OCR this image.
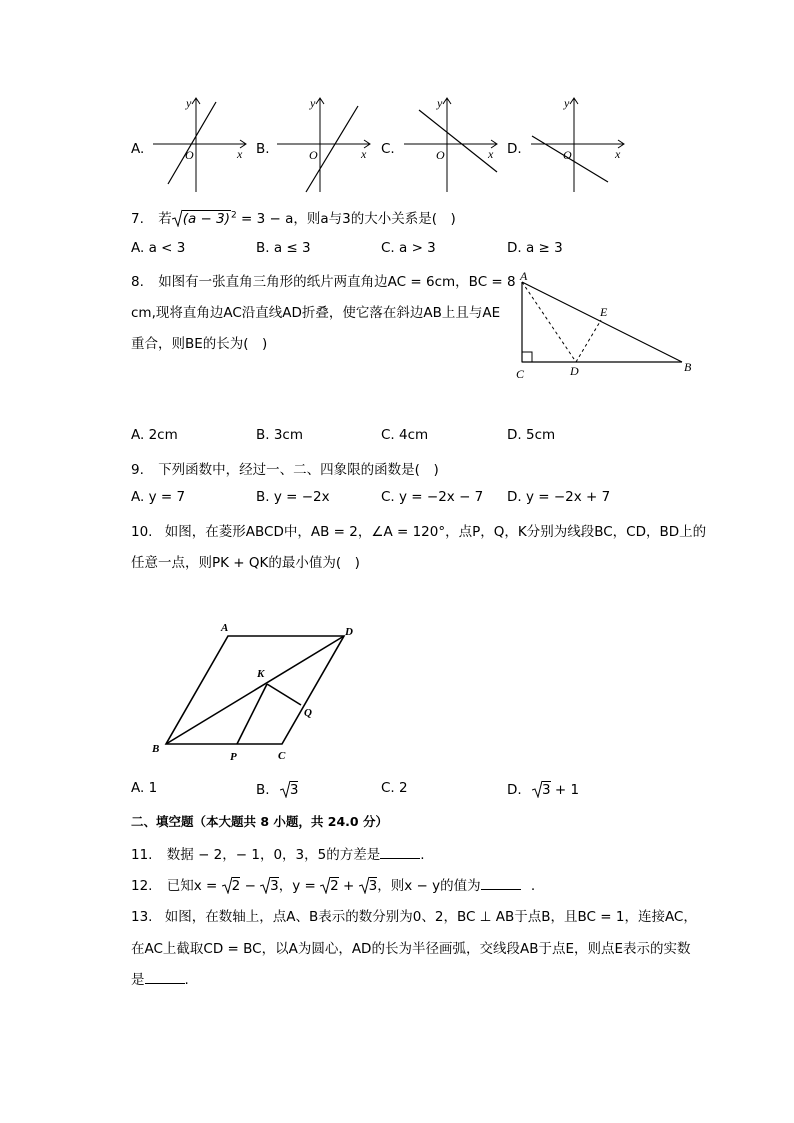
A.
y
x
O	B.
y
x
O	C.
y
x
O	D.
y
x
O
7. 若 $(a - 3)^2 = 3 - a$，则a与3的大小关系是(　)
A. a < 3	B. a ≤ 3	C. a > 3	D. a ≥ 3
8. 如图有一张直角三角形的纸片两直角边AC = 6cm，BC = 8
cm,现将直角边AC沿直线AD折叠，使它落在斜边AB上且与AE
重合，则BE的长为(　)
A
B
C	D
E
A. 2cm	B. 3cm	C. 4cm	D. 5cm
9. 下列函数中，经过一、二、四象限的函数是(　)
A. y = 7	B. y = −2x	C. y = −2x − 7 D. y = −2x + 7
10. 如图，在菱形ABCD中，AB = 2，∠A = 120°，点P，Q，K分别为线段BC，CD，BD上的
任意一点，则PK + QK的最小值为(　)
A	D
B
C
P
K
Q
A. 1	B. 3	C. 2	D. 3 + 1
二、填空题（本大题共 8 小题，共 24.0 分）
11. 数据 − 2，− 1，0，3，5的方差是	.
12. 已知x = 2 − 3，y = 2 + 3，则x − y的值为	.
13. 如图，在数轴上，点A、B表示的数分别为0、2，BC ⊥ AB于点B，且BC = 1，连接AC，
在AC上截取CD = BC，以A为圆心，AD的长为半径画弧，交线段AB于点E，则点E表示的实数
是	.
